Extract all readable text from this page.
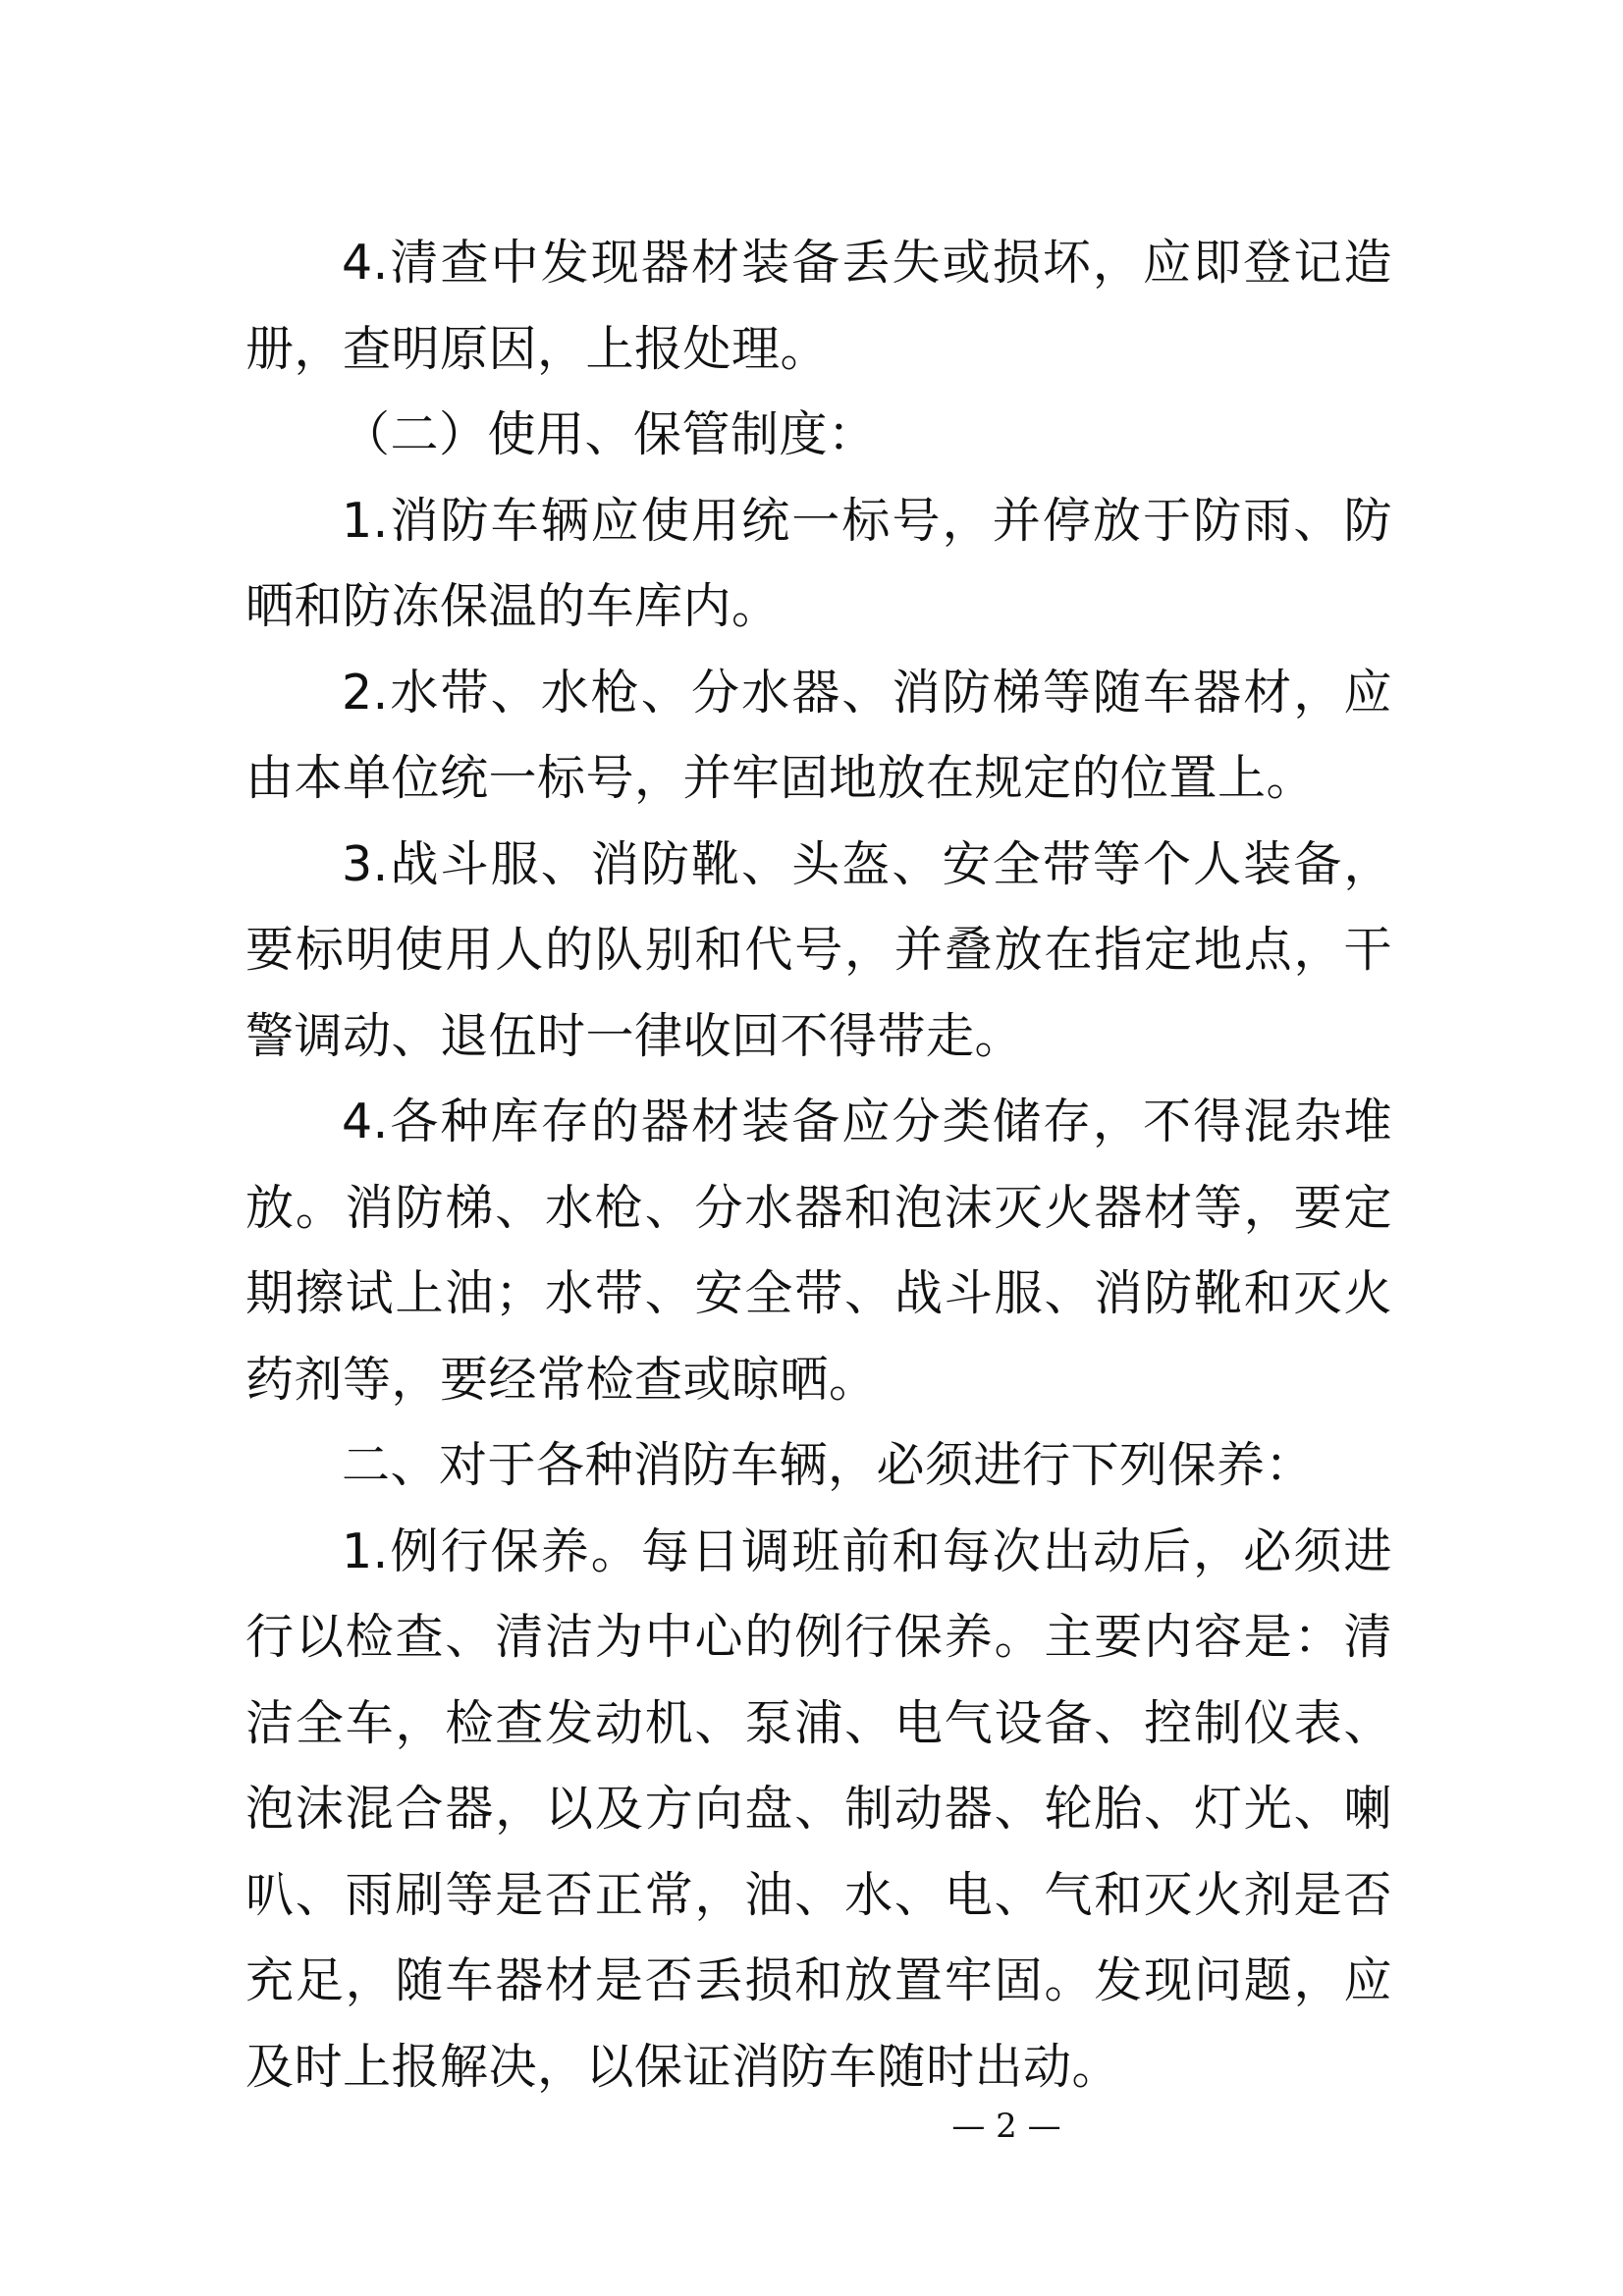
4.清查中发现器材装备丢失或损坏，应即登记造册，查明原因，上报处理。

（二）使用、保管制度：

1.消防车辆应使用统一标号，并停放于防雨、防晒和防冻保温的车库内。

2.水带、水枪、分水器、消防梯等随车器材，应由本单位统一标号，并牢固地放在规定的位置上。

3.战斗服、消防靴、头盔、安全带等个人装备，要标明使用人的队别和代号，并叠放在指定地点，干警调动、退伍时一律收回不得带走。

4.各种库存的器材装备应分类储存，不得混杂堆放。消防梯、水枪、分水器和泡沫灭火器材等，要定期擦试上油；水带、安全带、战斗服、消防靴和灭火药剂等，要经常检查或晾晒。

二、对于各种消防车辆，必须进行下列保养：

1.例行保养。每日调班前和每次出动后，必须进行以检查、清洁为中心的例行保养。主要内容是：清洁全车，检查发动机、泵浦、电气设备、控制仪表、泡沫混合器，以及方向盘、制动器、轮胎、灯光、喇叭、雨刷等是否正常，油、水、电、气和灭火剂是否充足，随车器材是否丢损和放置牢固。发现问题，应及时上报解决，以保证消防车随时出动。

— 2 —
